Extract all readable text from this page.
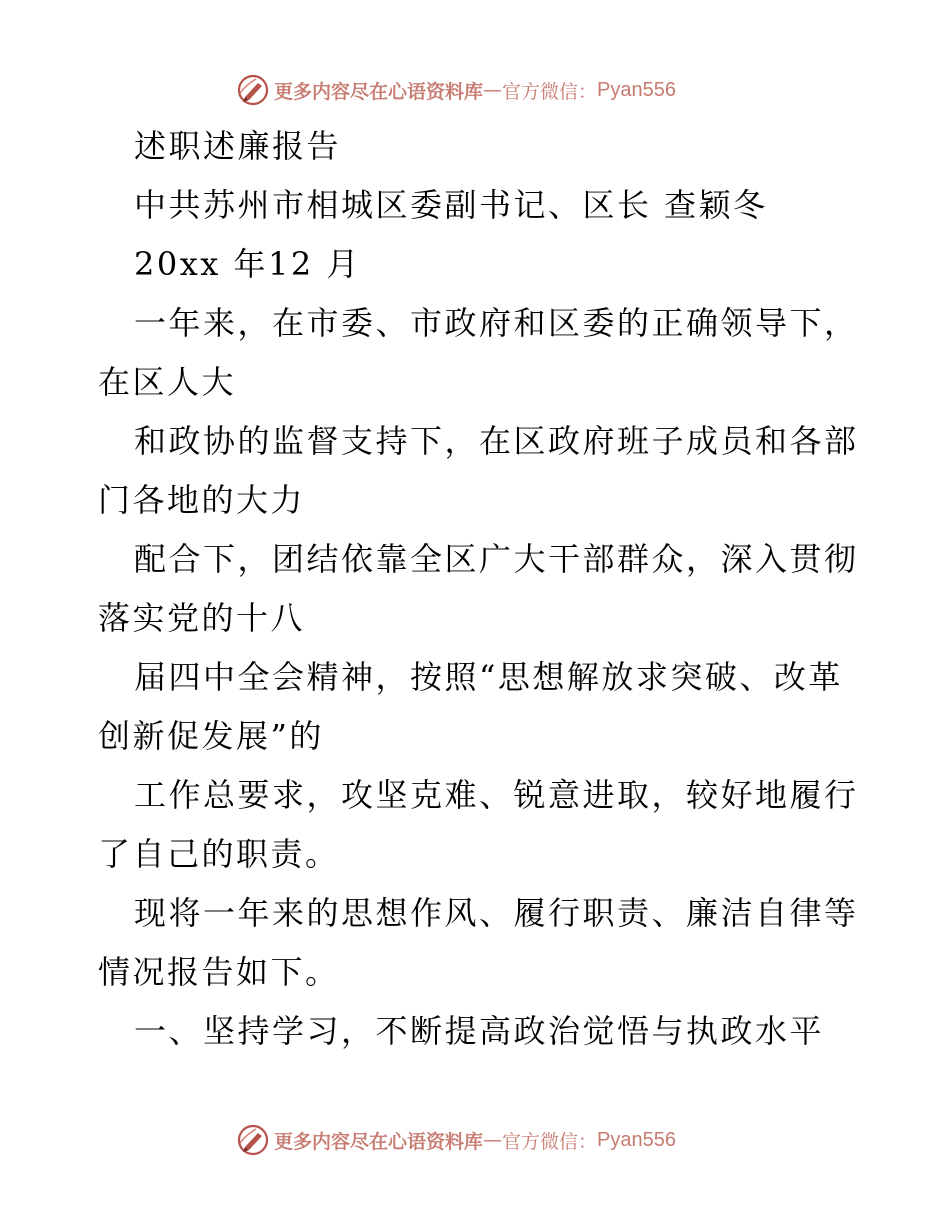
更多内容尽在心语资料库 — 官方微信： Pyan556
述职述廉报告
中共苏州市相城区委副书记、区长 查颖冬
20xx 年12 月
一年来，在市委、市政府和区委的正确领导下，
在区人大
和政协的监督支持下，在区政府班子成员和各部
门各地的大力
配合下，团结依靠全区广大干部群众，深入贯彻
落实党的十八
届四中全会精神，按照“思想解放求突破、改革
创新促发展”的
工作总要求，攻坚克难、锐意进取，较好地履行
了自己的职责。
现将一年来的思想作风、履行职责、廉洁自律等
情况报告如下。
一、坚持学习，不断提高政治觉悟与执政水平
更多内容尽在心语资料库 — 官方微信： Pyan556
